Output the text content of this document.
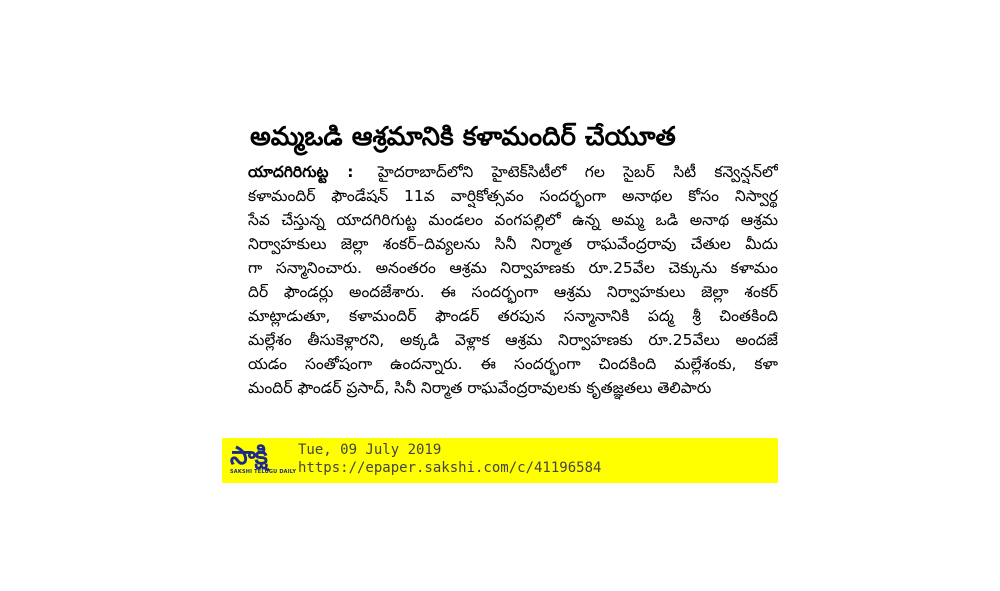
అమ్మఒడి ఆశ్రమానికి కళామందిర్ చేయూత
యాదగిరిగుట్ట : హైదరాబాద్‌లోని హైటెక్‌సిటీలో గల సైబర్ సిటీ కన్వెన్షన్‌లో
కళామందిర్ ఫౌండేషన్ 11వ వార్షికోత్సవం సందర్భంగా అనాథల కోసం నిస్వార్థ
సేవ చేస్తున్న యాదగిరిగుట్ట మండలం వంగపల్లిలో ఉన్న అమ్మ ఒడి అనాథ ఆశ్రమ
నిర్వాహకులు జెల్లా శంకర్–దివ్యలను సినీ నిర్మాత రాఘవేంద్రరావు చేతుల మీదు
గా సన్మానించారు. అనంతరం ఆశ్రమ నిర్వాహణకు రూ.25వేల చెక్కును కళామం
దిర్ ఫౌండర్లు అందజేశారు. ఈ సందర్భంగా ఆశ్రమ నిర్వాహకులు జెల్లా శంకర్
మాట్లాడుతూ, కళామందిర్ ఫౌండర్ తరపున సన్మానానికి పద్మ శ్రీ చింతకింది
మల్లేశం తీసుకెళ్లారని, అక్కడి వెళ్లాక ఆశ్రమ నిర్వాహణకు రూ.25వేలు అందజే
యడం సంతోషంగా ఉందన్నారు. ఈ సందర్భంగా చిందకింది మల్లేశంకు, కళా
మందిర్ ఫౌండర్ ప్రసాద్, సినీ నిర్మాత రాఘవేంద్రరావులకు కృతజ్ఞతలు తెలిపారు
సాక్షి
SAKSHI TELUGU DAILY
Tue, 09 July 2019
https://epaper.sakshi.com/c/41196584
